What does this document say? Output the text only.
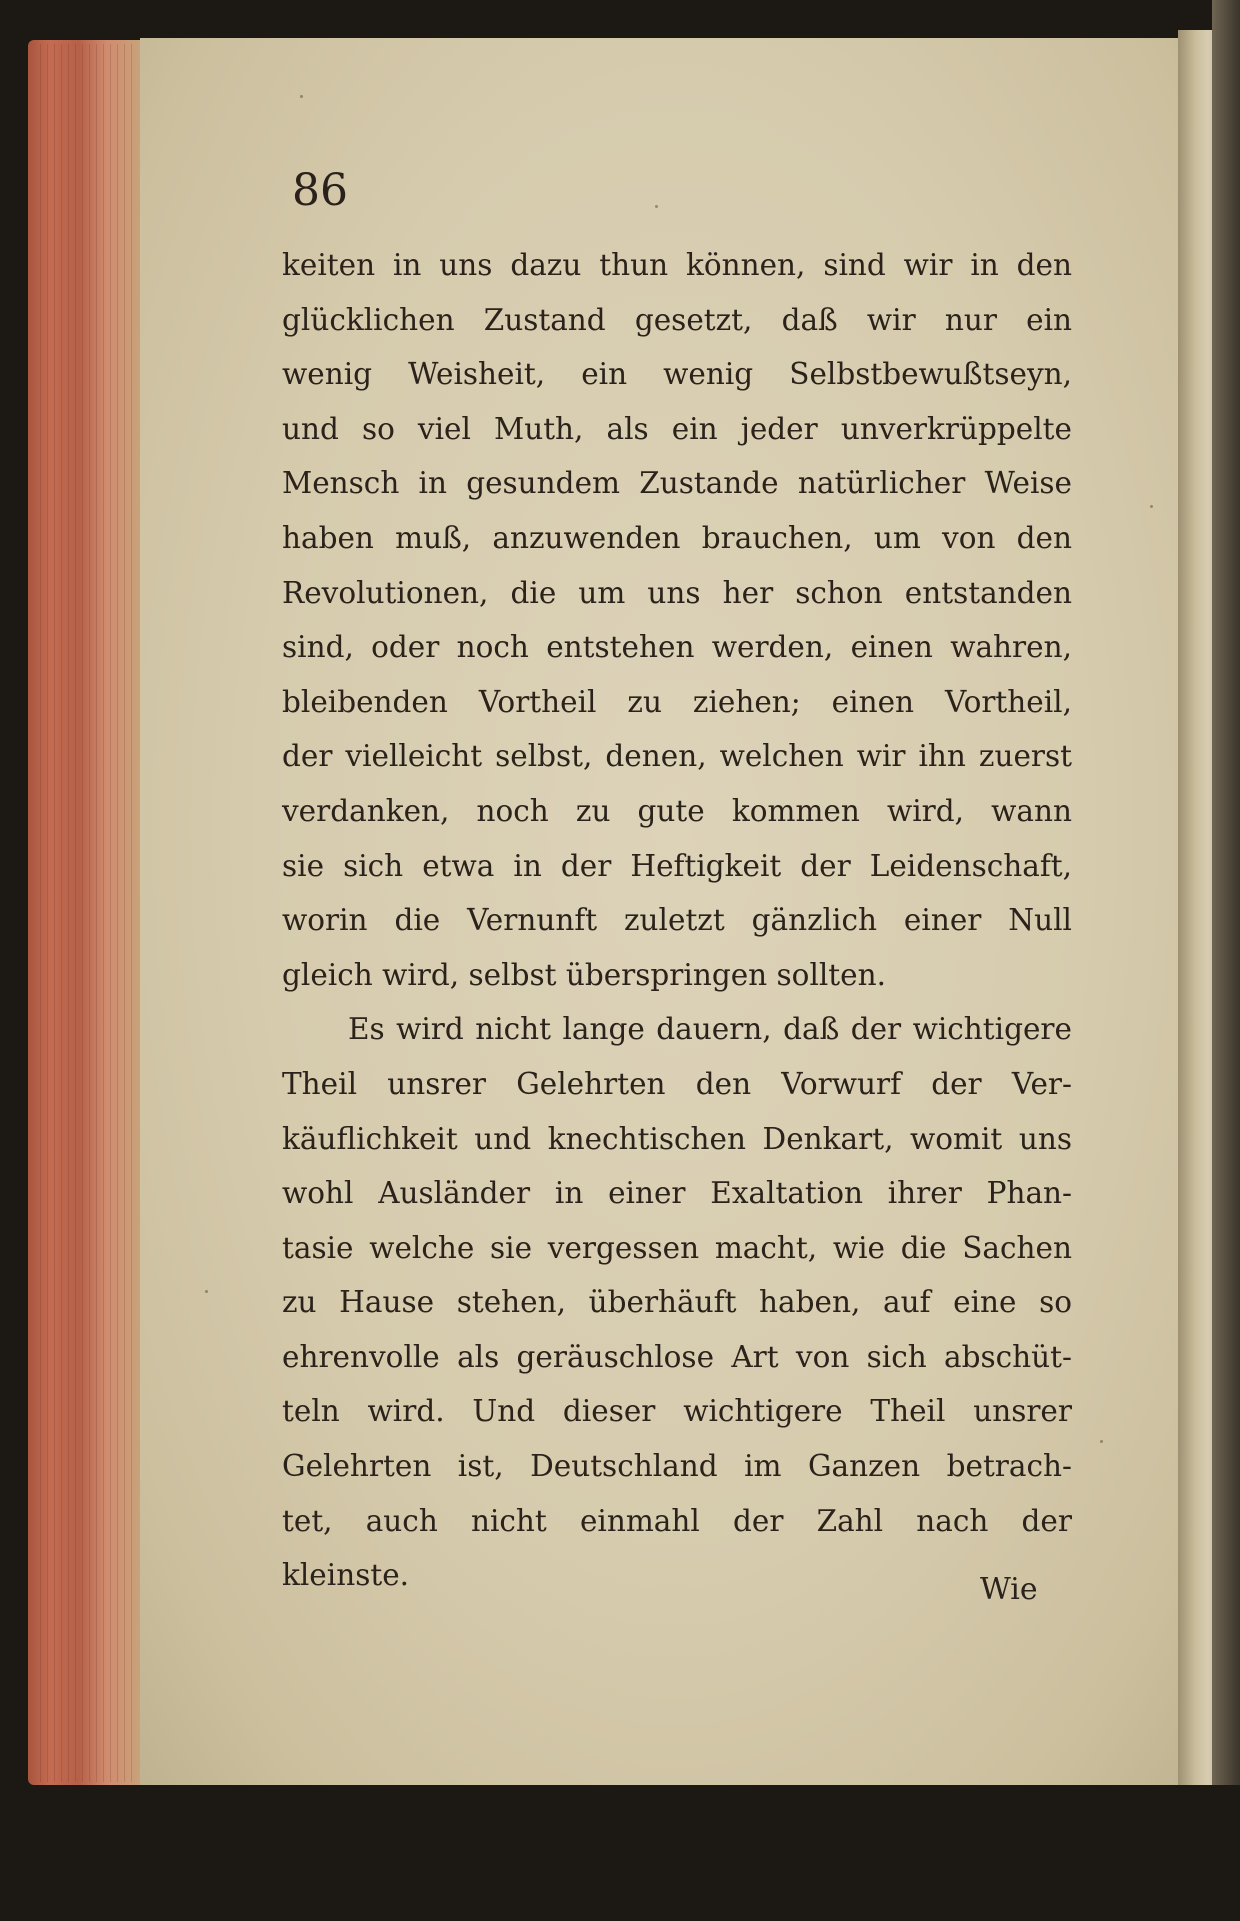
86

keiten in uns dazu thun können, sind wir in den
glücklichen Zustand gesetzt, daß wir nur ein
wenig Weisheit, ein wenig Selbstbewußtseyn,
und so viel Muth, als ein jeder unverkrüppelte
Mensch in gesundem Zustande natürlicher Weise
haben muß, anzuwenden brauchen, um von den
Revolutionen, die um uns her schon entstanden
sind, oder noch entstehen werden, einen wahren,
bleibenden Vortheil zu ziehen; einen Vortheil,
der vielleicht selbst, denen, welchen wir ihn zuerst
verdanken, noch zu gute kommen wird, wann
sie sich etwa in der Heftigkeit der Leidenschaft,
worin die Vernunft zuletzt gänzlich einer Null
gleich wird, selbst überspringen sollten.
Es wird nicht lange dauern, daß der wichtigere
Theil unsrer Gelehrten den Vorwurf der Ver-
käuflichkeit und knechtischen Denkart, womit uns
wohl Ausländer in einer Exaltation ihrer Phan-
tasie welche sie vergessen macht, wie die Sachen
zu Hause stehen, überhäuft haben, auf eine so
ehrenvolle als geräuschlose Art von sich abschüt-
teln wird. Und dieser wichtigere Theil unsrer
Gelehrten ist, Deutschland im Ganzen betrach-
tet, auch nicht einmahl der Zahl nach der
kleinste.	Wie
